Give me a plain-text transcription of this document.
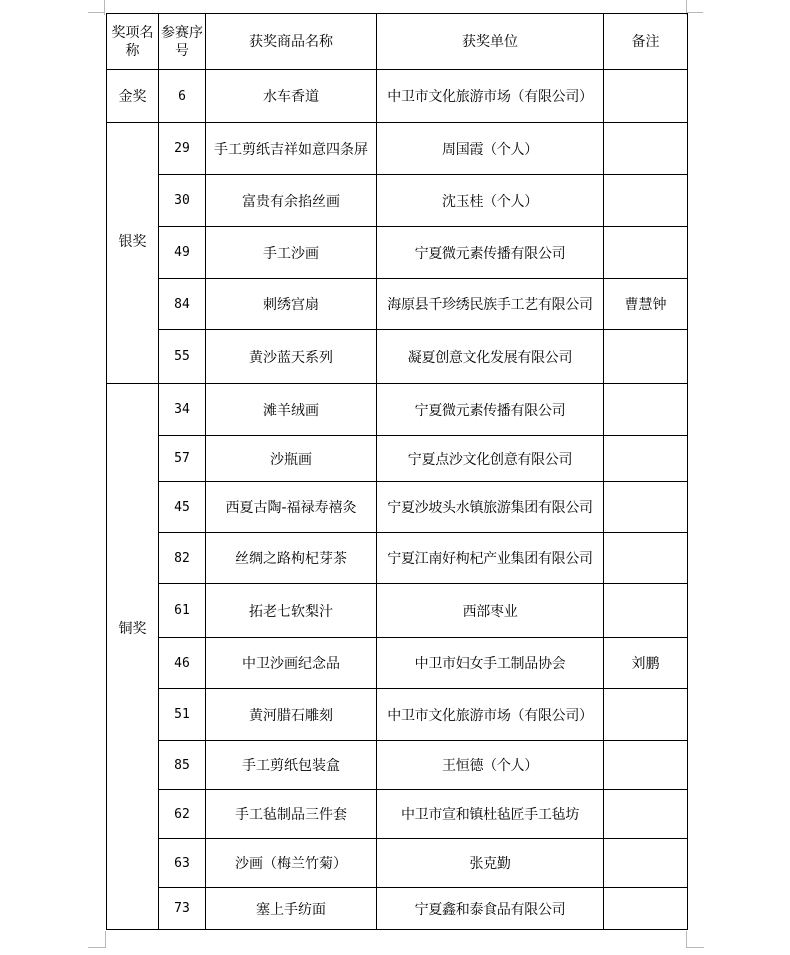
奖项名称	参赛序号	获奖商品名称	获奖单位	备注
金奖	6	水车香道	中卫市文化旅游市场（有限公司）	
银奖	29	手工剪纸吉祥如意四条屏	周国霞（个人）	
	30	富贵有余掐丝画	沈玉桂（个人）	
	49	手工沙画	宁夏微元素传播有限公司	
	84	刺绣宫扇	海原县千珍绣民族手工艺有限公司	曹慧钟
	55	黄沙蓝天系列	凝夏创意文化发展有限公司	
铜奖	34	滩羊绒画	宁夏微元素传播有限公司	
	57	沙瓶画	宁夏点沙文化创意有限公司	
	45	西夏古陶-福禄寿禧灸	宁夏沙坡头水镇旅游集团有限公司	
	82	丝绸之路枸杞芽茶	宁夏江南好枸杞产业集团有限公司	
	61	拓老七软梨汁	西部枣业	
	46	中卫沙画纪念品	中卫市妇女手工制品协会	刘鹏
	51	黄河腊石雕刻	中卫市文化旅游市场（有限公司）	
	85	手工剪纸包装盒	王恒德（个人）	
	62	手工毡制品三件套	中卫市宣和镇杜毡匠手工毡坊	
	63	沙画（梅兰竹菊）	张克勤	
	73	塞上手纺面	宁夏鑫和泰食品有限公司	
